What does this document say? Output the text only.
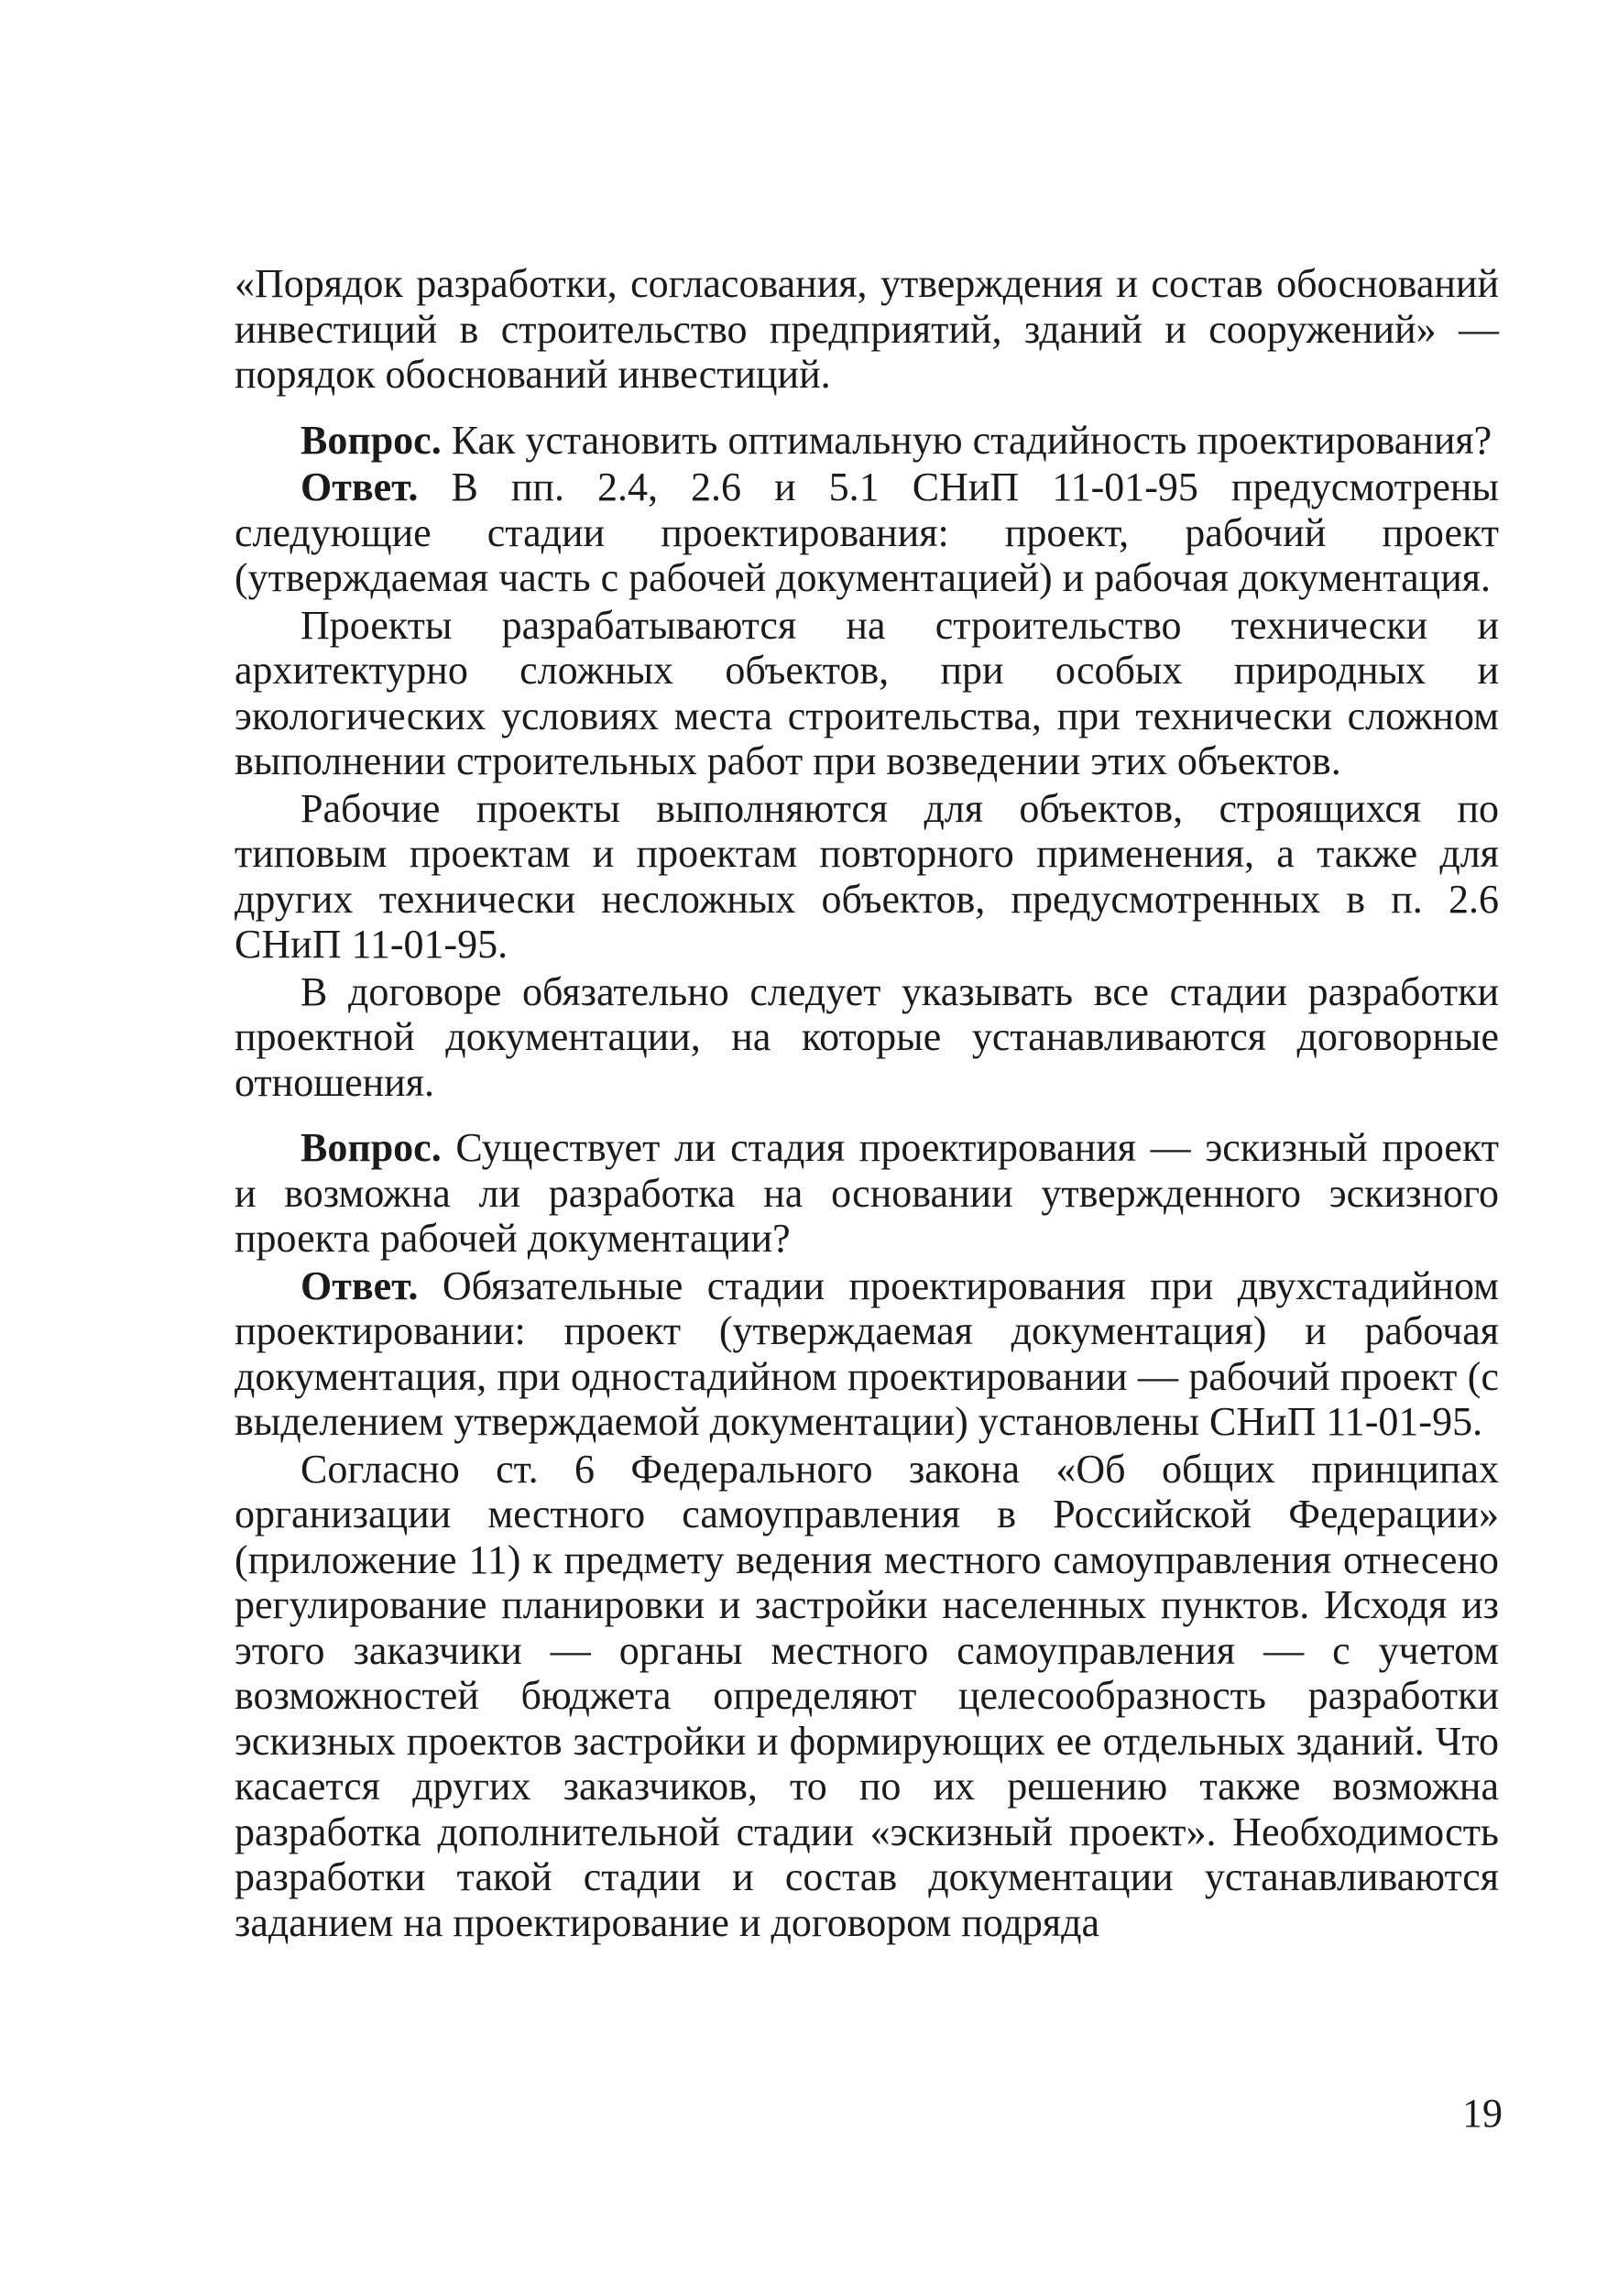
«Порядок разработки, согласования, утверждения и состав обоснований инвестиций в строительство предприятий, зданий и сооружений» — порядок обоснований инвестиций.

Вопрос. Как установить оптимальную стадийность проектирования?

Ответ. В пп. 2.4, 2.6 и 5.1 СНиП 11-01-95 предусмотрены следующие стадии проектирования: проект, рабочий проект (утверждаемая часть с рабочей документацией) и рабочая документация.

Проекты разрабатываются на строительство технически и архитектурно сложных объектов, при особых природных и экологических условиях места строительства, при технически сложном выполнении строительных работ при возведении этих объектов.

Рабочие проекты выполняются для объектов, строящихся по типовым проектам и проектам повторного применения, а также для других технически несложных объектов, предусмотренных в п. 2.6 СНиП 11-01-95.

В договоре обязательно следует указывать все стадии разработки проектной документации, на которые устанавливаются договорные отношения.

Вопрос. Существует ли стадия проектирования — эскизный проект и возможна ли разработка на основании утвержденного эскизного проекта рабочей документации?

Ответ. Обязательные стадии проектирования при двухстадийном проектировании: проект (утверждаемая документация) и рабочая документация, при одностадийном проектировании — рабочий проект (с выделением утверждаемой документации) установлены СНиП 11-01-95.

Согласно ст. 6 Федерального закона «Об общих принципах организации местного самоуправления в Российской Федерации» (приложение 11) к предмету ведения местного самоуправления отнесено регулирование планировки и застройки населенных пунктов. Исходя из этого заказчики — органы местного самоуправления — с учетом возможностей бюджета определяют целесообразность разработки эскизных проектов застройки и формирующих ее отдельных зданий. Что касается других заказчиков, то по их решению также возможна разработка дополнительной стадии «эскизный проект». Необходимость разработки такой стадии и состав документации устанавливаются заданием на проектирование и договором подряда

19
